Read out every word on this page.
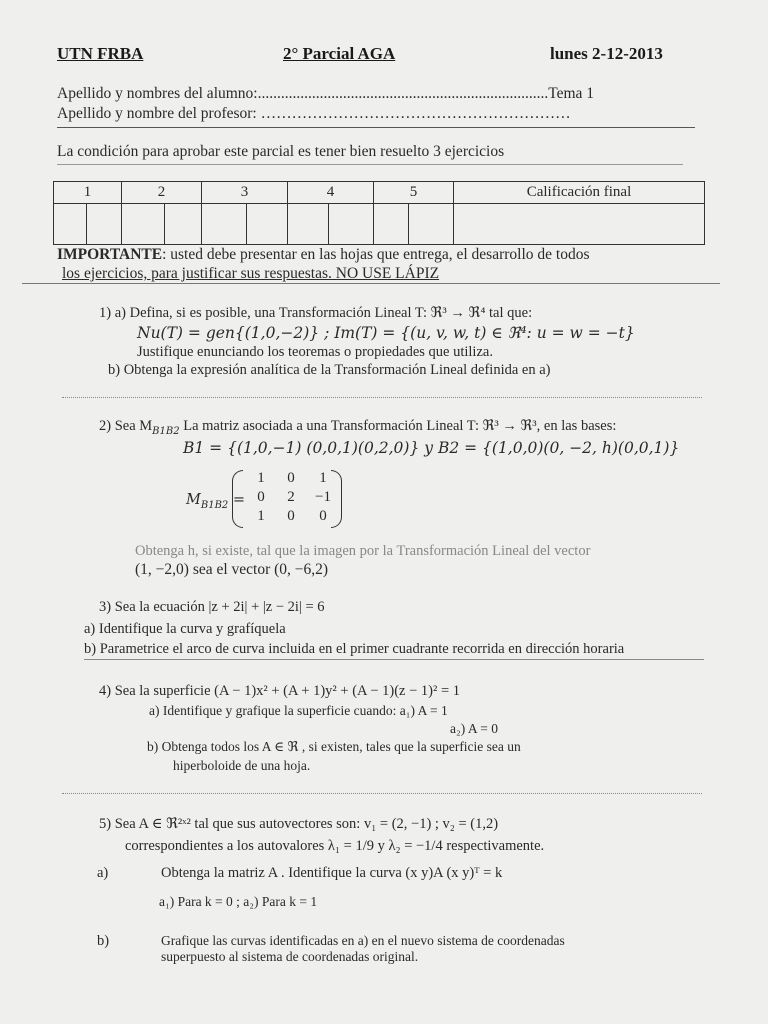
UTN FRBA	2° Parcial AGA	lunes 2-12-2013
Apellido y nombres del alumno:...........................................................................Tema 1
Apellido y nombre del profesor: ……………………………………………………
La condición para aprobar este parcial es tener bien resuelto 3 ejercicios
1		2		3		4		5		Calificación final

IMPORTANTE: usted debe presentar en las hojas que entrega, el desarrollo de todos
los ejercicios, para justificar sus respuestas. NO USE LÁPIZ
1) a) Defina, si es posible, una Transformación Lineal T: ℜ³ → ℜ⁴ tal que:
Nu(T) = gen{(1,0,−2)} ; Im(T) = {(u, v, w, t) ∈ ℜ⁴: u = w = −t}
Justifique enunciando los teoremas o propiedades que utiliza.
b) Obtenga la expresión analítica de la Transformación Lineal definida en a)
2) Sea $M_{B1B2}$ La matriz asociada a una Transformación Lineal T: ℜ³ → ℜ³, en las bases:
B1 = {(1,0,−1) (0,0,1)(0,2,0)} y B2 = {(1,0,0)(0, −2, h)(0,0,1)}
$M_{B1B2}$ =
1	0	1
0	2	−1
1	0	0
Obtenga h, si existe, tal que la imagen por la Transformación Lineal del vector
(1, −2,0) sea el vector (0, −6,2)
3) Sea la ecuación |z + 2i| + |z − 2i| = 6
a) Identifique la curva y grafíquela
b) Parametrice el arco de curva incluida en el primer cuadrante recorrida en dirección horaria
4) Sea la superficie (A − 1)x² + (A + 1)y² + (A − 1)(z − 1)² = 1
a) Identifique y grafique la superficie cuando: a₁) A = 1
a₂) A = 0
b) Obtenga todos los A ∈ ℜ , si existen, tales que la superficie sea un
hiperboloide de una hoja.
5) Sea A ∈ ℜ²ˣ² tal que sus autovectores son: v₁ = (2, −1) ; v₂ = (1,2)
correspondientes a los autovalores λ₁ = 1/9 y λ₂ = −1/4 respectivamente.
a)	Obtenga la matriz A . Identifique la curva (x y)A (x y)ᵀ = k
a₁) Para k = 0 ; a₂) Para k = 1
b)	Grafique las curvas identificadas en a) en el nuevo sistema de coordenadas
superpuesto al sistema de coordenadas original.
